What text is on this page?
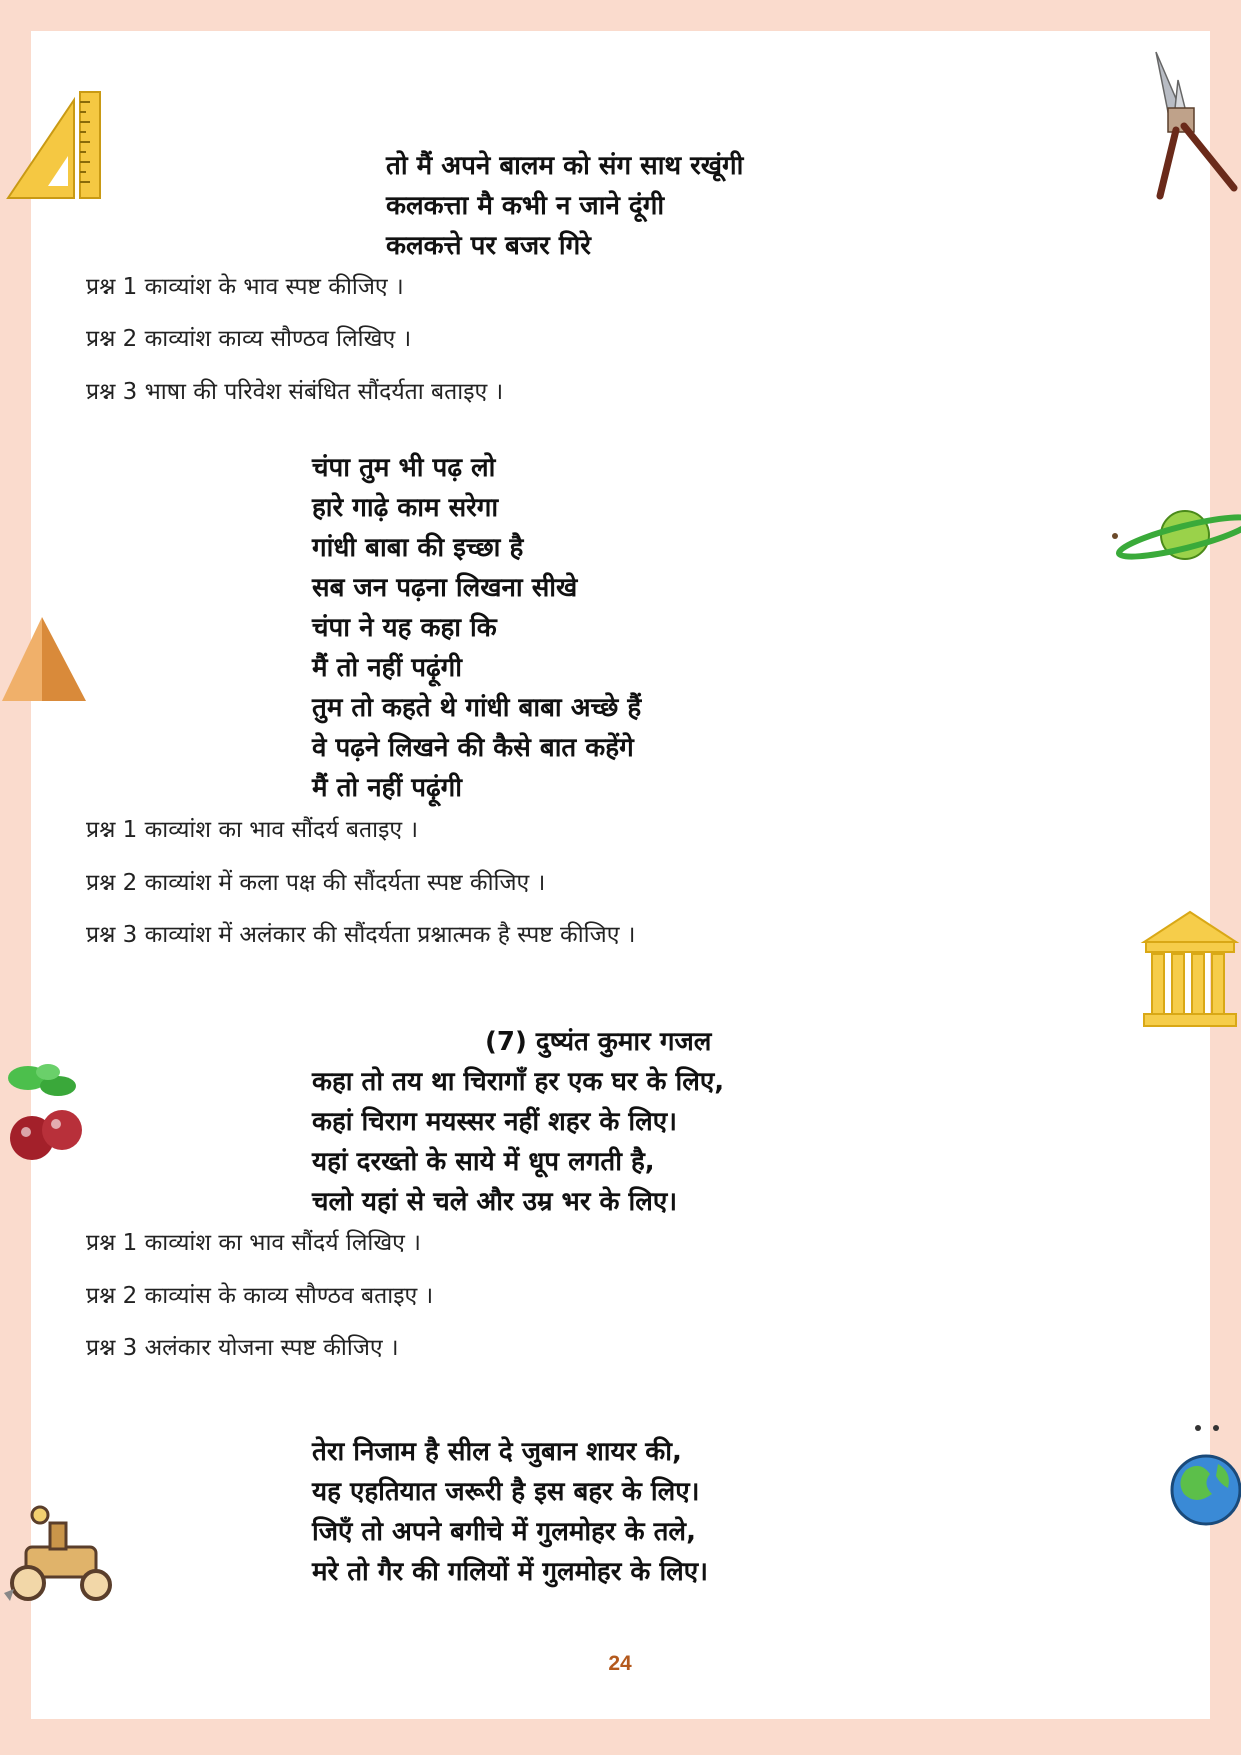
तो मैं अपने बालम को संग साथ रखूंगी
कलकत्ता मै कभी न जाने दूंगी
कलकत्ते पर बजर गिरे
प्रश्न 1 काव्यांश के भाव स्पष्ट कीजिए ।
प्रश्न 2 काव्यांश काव्य सौण्ठव लिखिए ।
प्रश्न 3 भाषा की परिवेश संबंधित सौंदर्यता बताइए ।
चंपा तुम भी पढ़ लो
हारे गाढ़े काम सरेगा
गांधी बाबा की इच्छा है
सब जन पढ़ना लिखना सीखे
चंपा ने यह कहा कि
मैं तो नहीं पढ़ूंगी
तुम तो कहते थे गांधी बाबा अच्छे हैं
वे पढ़ने लिखने की कैसे बात कहेंगे
मैं तो नहीं पढ़ूंगी
प्रश्न 1 काव्यांश का भाव सौंदर्य बताइए ।
प्रश्न 2 काव्यांश में कला पक्ष की सौंदर्यता स्पष्ट कीजिए ।
प्रश्न 3 काव्यांश में अलंकार की सौंदर्यता प्रश्नात्मक है स्पष्ट कीजिए ।
(7) दुष्यंत कुमार गजल
कहा तो तय था चिरागाँ हर एक घर के लिए,
कहां चिराग मयस्सर नहीं शहर के लिए।
यहां दरख्तो के साये में धूप लगती है,
चलो यहां से चले और उम्र भर के लिए।
प्रश्न 1 काव्यांश का भाव सौंदर्य लिखिए ।
प्रश्न 2 काव्यांस के काव्य सौण्ठव बताइए ।
प्रश्न 3 अलंकार योजना स्पष्ट कीजिए ।
तेरा निजाम है सील दे जुबान शायर की,
यह एहतियात जरूरी है इस बहर के लिए।
जिएँ तो अपने बगीचे में गुलमोहर के तले,
मरे तो गैर की गलियों में गुलमोहर के लिए।
24
